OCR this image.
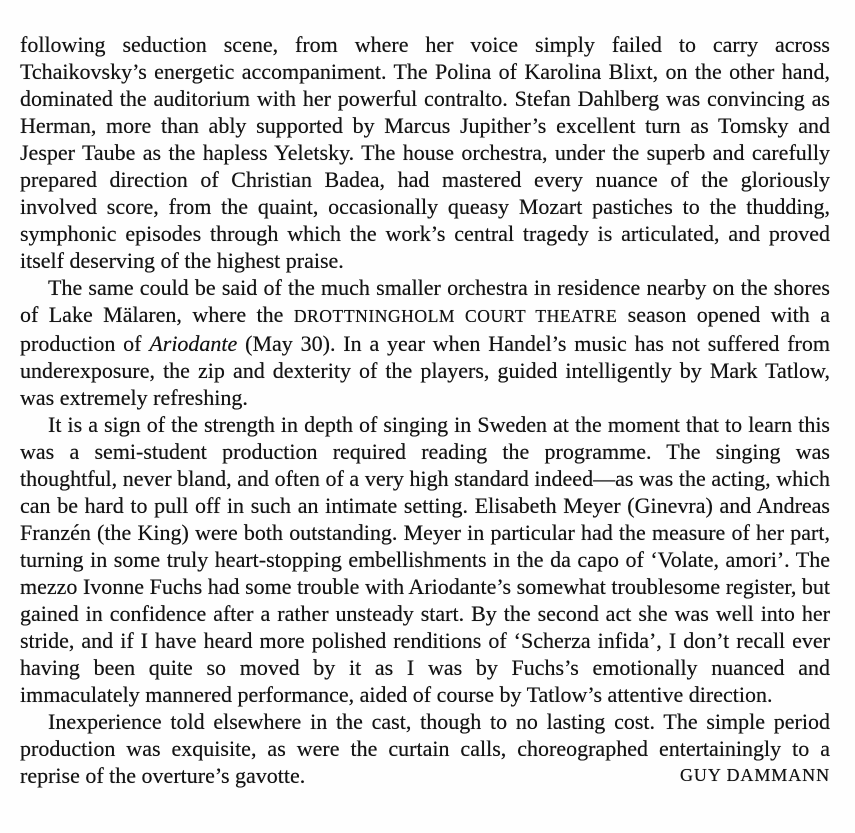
following seduction scene, from where her voice simply failed to carry across Tchaikovsky’s energetic accompaniment. The Polina of Karolina Blixt, on the other hand, dominated the auditorium with her powerful contralto. Stefan Dahlberg was convincing as Herman, more than ably supported by Marcus Jupither’s excellent turn as Tomsky and Jesper Taube as the hapless Yeletsky. The house orchestra, under the superb and carefully prepared direction of Christian Badea, had mastered every nuance of the gloriously involved score, from the quaint, occasionally queasy Mozart pastiches to the thudding, symphonic episodes through which the work’s central tragedy is articulated, and proved itself deserving of the highest praise.

The same could be said of the much smaller orchestra in residence nearby on the shores of Lake Mälaren, where the DROTTNINGHOLM COURT THEATRE season opened with a production of Ariodante (May 30). In a year when Handel’s music has not suffered from underexposure, the zip and dexterity of the players, guided intelligently by Mark Tatlow, was extremely refreshing.

It is a sign of the strength in depth of singing in Sweden at the moment that to learn this was a semi-student production required reading the programme. The singing was thoughtful, never bland, and often of a very high standard indeed—as was the acting, which can be hard to pull off in such an intimate setting. Elisabeth Meyer (Ginevra) and Andreas Franzén (the King) were both outstanding. Meyer in particular had the measure of her part, turning in some truly heart-stopping embellishments in the da capo of ‘Volate, amori’. The mezzo Ivonne Fuchs had some trouble with Ariodante’s somewhat troublesome register, but gained in confidence after a rather unsteady start. By the second act she was well into her stride, and if I have heard more polished renditions of ‘Scherza infida’, I don’t recall ever having been quite so moved by it as I was by Fuchs’s emotionally nuanced and immaculately mannered performance, aided of course by Tatlow’s attentive direction.

Inexperience told elsewhere in the cast, though to no lasting cost. The simple period production was exquisite, as were the curtain calls, choreographed entertainingly to a reprise of the overture’s gavotte.	GUY DAMMANN
